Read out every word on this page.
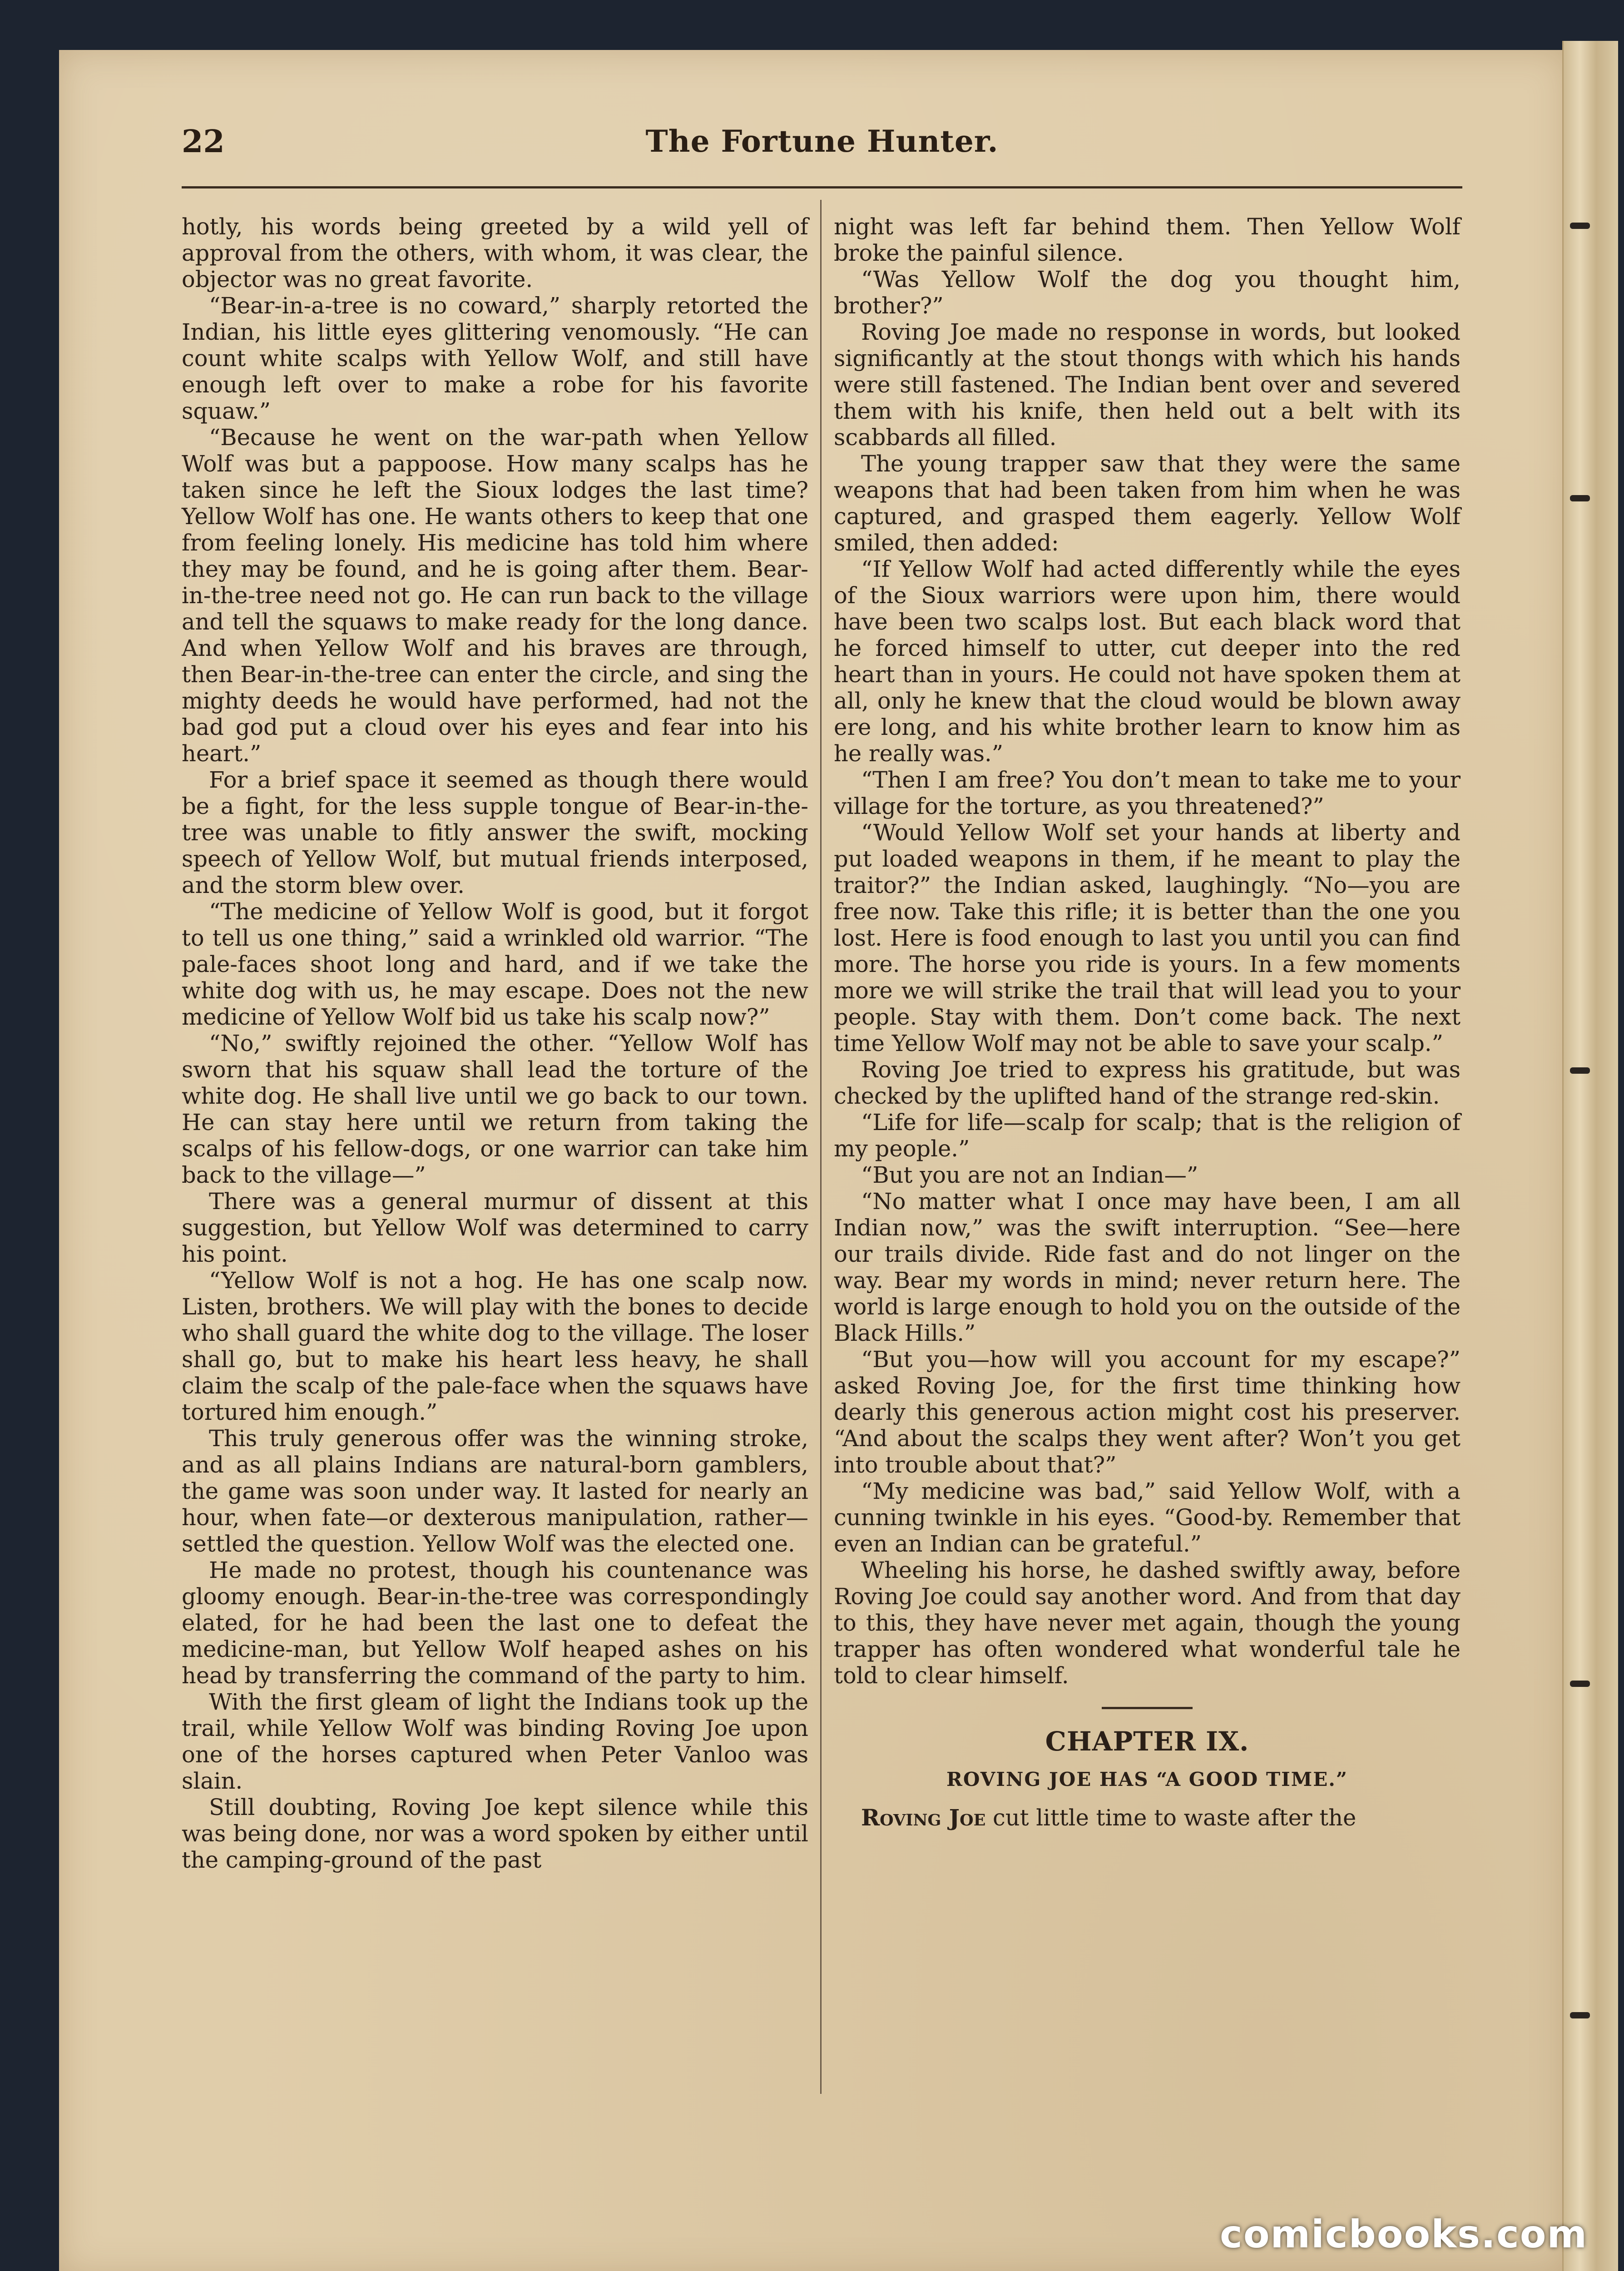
22	The Fortune Hunter.

hotly, his words being greeted by a wild yell of approval from the others, with whom, it was clear, the objector was no great favorite.

“Bear-in-a-tree is no coward,” sharply retorted the Indian, his little eyes glittering venomously. “He can count white scalps with Yellow Wolf, and still have enough left over to make a robe for his favorite squaw.”

“Because he went on the war-path when Yellow Wolf was but a pappoose. How many scalps has he taken since he left the Sioux lodges the last time? Yellow Wolf has one. He wants others to keep that one from feeling lonely. His medicine has told him where they may be found, and he is going after them. Bear-in-the-tree need not go. He can run back to the village and tell the squaws to make ready for the long dance. And when Yellow Wolf and his braves are through, then Bear-in-the-tree can enter the circle, and sing the mighty deeds he would have performed, had not the bad god put a cloud over his eyes and fear into his heart.”

For a brief space it seemed as though there would be a fight, for the less supple tongue of Bear-in-the-tree was unable to fitly answer the swift, mocking speech of Yellow Wolf, but mutual friends interposed, and the storm blew over.

“The medicine of Yellow Wolf is good, but it forgot to tell us one thing,” said a wrinkled old warrior. “The pale-faces shoot long and hard, and if we take the white dog with us, he may escape. Does not the new medicine of Yellow Wolf bid us take his scalp now?”

“No,” swiftly rejoined the other. “Yellow Wolf has sworn that his squaw shall lead the torture of the white dog. He shall live until we go back to our town. He can stay here until we return from taking the scalps of his fellow-dogs, or one warrior can take him back to the village—”

There was a general murmur of dissent at this suggestion, but Yellow Wolf was determined to carry his point.

“Yellow Wolf is not a hog. He has one scalp now. Listen, brothers. We will play with the bones to decide who shall guard the white dog to the village. The loser shall go, but to make his heart less heavy, he shall claim the scalp of the pale-face when the squaws have tortured him enough.”

This truly generous offer was the winning stroke, and as all plains Indians are natural-born gamblers, the game was soon under way. It lasted for nearly an hour, when fate—or dexterous manipulation, rather—settled the question. Yellow Wolf was the elected one.

He made no protest, though his countenance was gloomy enough. Bear-in-the-tree was correspondingly elated, for he had been the last one to defeat the medicine-man, but Yellow Wolf heaped ashes on his head by transferring the command of the party to him.

With the first gleam of light the Indians took up the trail, while Yellow Wolf was binding Roving Joe upon one of the horses captured when Peter Vanloo was slain.

Still doubting, Roving Joe kept silence while this was being done, nor was a word spoken by either until the camping-ground of the past

night was left far behind them. Then Yellow Wolf broke the painful silence.

“Was Yellow Wolf the dog you thought him, brother?”

Roving Joe made no response in words, but looked significantly at the stout thongs with which his hands were still fastened. The Indian bent over and severed them with his knife, then held out a belt with its scabbards all filled.

The young trapper saw that they were the same weapons that had been taken from him when he was captured, and grasped them eagerly. Yellow Wolf smiled, then added:

“If Yellow Wolf had acted differently while the eyes of the Sioux warriors were upon him, there would have been two scalps lost. But each black word that he forced himself to utter, cut deeper into the red heart than in yours. He could not have spoken them at all, only he knew that the cloud would be blown away ere long, and his white brother learn to know him as he really was.”

“Then I am free? You don’t mean to take me to your village for the torture, as you threatened?”

“Would Yellow Wolf set your hands at liberty and put loaded weapons in them, if he meant to play the traitor?” the Indian asked, laughingly. “No—you are free now. Take this rifle; it is better than the one you lost. Here is food enough to last you until you can find more. The horse you ride is yours. In a few moments more we will strike the trail that will lead you to your people. Stay with them. Don’t come back. The next time Yellow Wolf may not be able to save your scalp.”

Roving Joe tried to express his gratitude, but was checked by the uplifted hand of the strange red-skin.

“Life for life—scalp for scalp; that is the religion of my people.”

“But you are not an Indian—”

“No matter what I once may have been, I am all Indian now,” was the swift interruption. “See—here our trails divide. Ride fast and do not linger on the way. Bear my words in mind; never return here. The world is large enough to hold you on the outside of the Black Hills.”

“But you—how will you account for my escape?” asked Roving Joe, for the first time thinking how dearly this generous action might cost his preserver. “And about the scalps they went after? Won’t you get into trouble about that?”

“My medicine was bad,” said Yellow Wolf, with a cunning twinkle in his eyes. “Good-by. Remember that even an Indian can be grateful.”

Wheeling his horse, he dashed swiftly away, before Roving Joe could say another word. And from that day to this, they have never met again, though the young trapper has often wondered what wonderful tale he told to clear himself.

CHAPTER IX.
ROVING JOE HAS “A GOOD TIME.”

Roving Joe cut little time to waste after the

comicbooks.com
